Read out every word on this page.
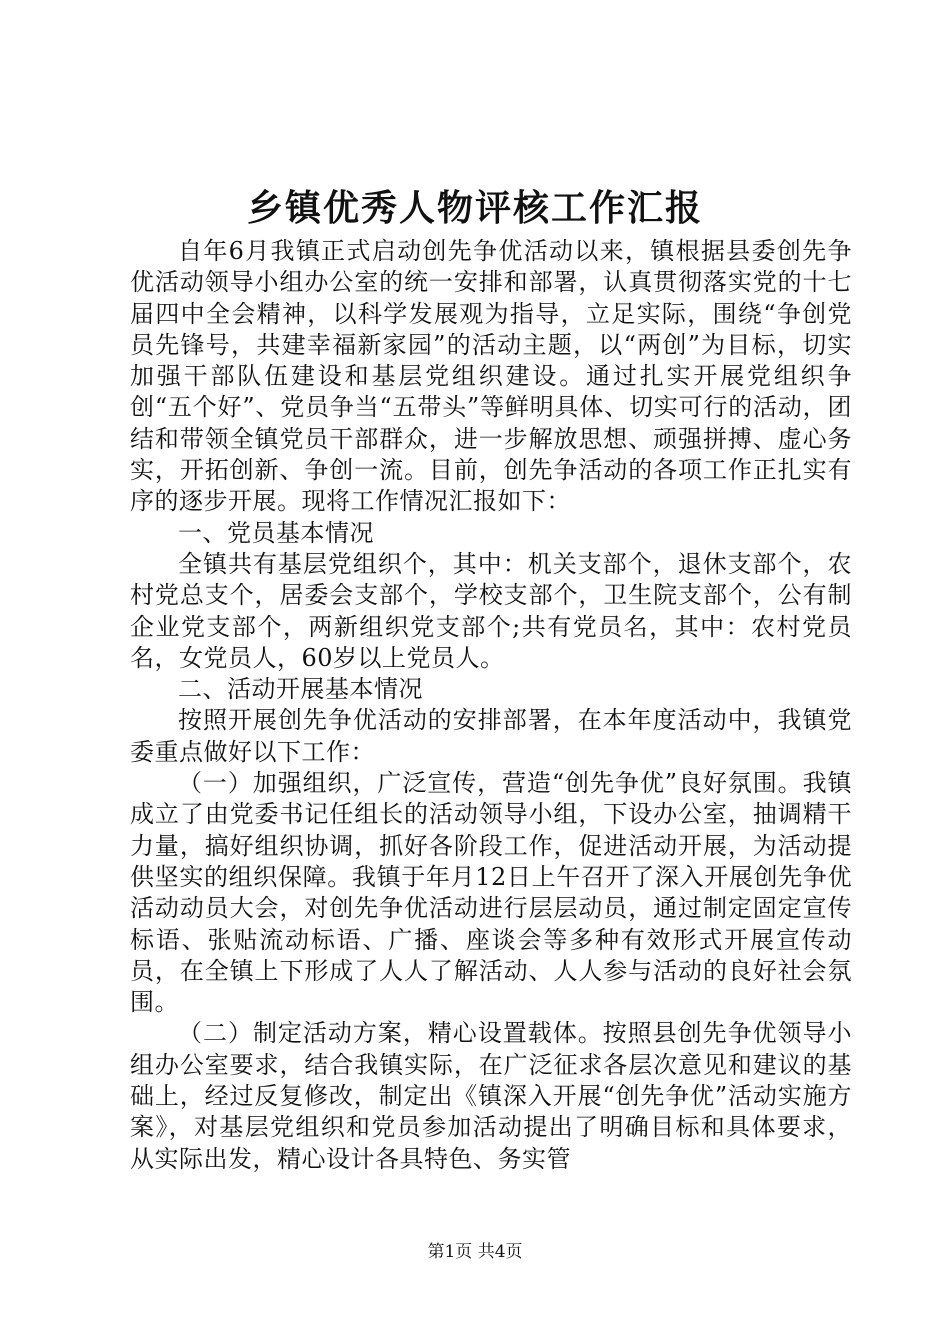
乡镇优秀人物评核工作汇报

自年6月我镇正式启动创先争优活动以来，镇根据县委创先争优活动领导小组办公室的统一安排和部署，认真贯彻落实党的十七届四中全会精神，以科学发展观为指导，立足实际，围绕“争创党员先锋号，共建幸福新家园”的活动主题，以“两创”为目标，切实加强干部队伍建设和基层党组织建设。通过扎实开展党组织争创“五个好”、党员争当“五带头”等鲜明具体、切实可行的活动，团结和带领全镇党员干部群众，进一步解放思想、顽强拼搏、虚心务实，开拓创新、争创一流。目前，创先争活动的各项工作正扎实有序的逐步开展。现将工作情况汇报如下：

一、党员基本情况

全镇共有基层党组织个，其中：机关支部个，退休支部个，农村党总支个，居委会支部个，学校支部个，卫生院支部个，公有制企业党支部个，两新组织党支部个;共有党员名，其中：农村党员名，女党员人，60岁以上党员人。

二、活动开展基本情况

按照开展创先争优活动的安排部署，在本年度活动中，我镇党委重点做好以下工作：

（一）加强组织，广泛宣传，营造“创先争优”良好氛围。我镇成立了由党委书记任组长的活动领导小组，下设办公室，抽调精干力量，搞好组织协调，抓好各阶段工作，促进活动开展，为活动提供坚实的组织保障。我镇于年月12日上午召开了深入开展创先争优活动动员大会，对创先争优活动进行层层动员，通过制定固定宣传标语、张贴流动标语、广播、座谈会等多种有效形式开展宣传动员，在全镇上下形成了人人了解活动、人人参与活动的良好社会氛围。

（二）制定活动方案，精心设置载体。按照县创先争优领导小组办公室要求，结合我镇实际，在广泛征求各层次意见和建议的基础上，经过反复修改，制定出《镇深入开展“创先争优”活动实施方案》，对基层党组织和党员参加活动提出了明确目标和具体要求，从实际出发，精心设计各具特色、务实管

第1页 共4页
